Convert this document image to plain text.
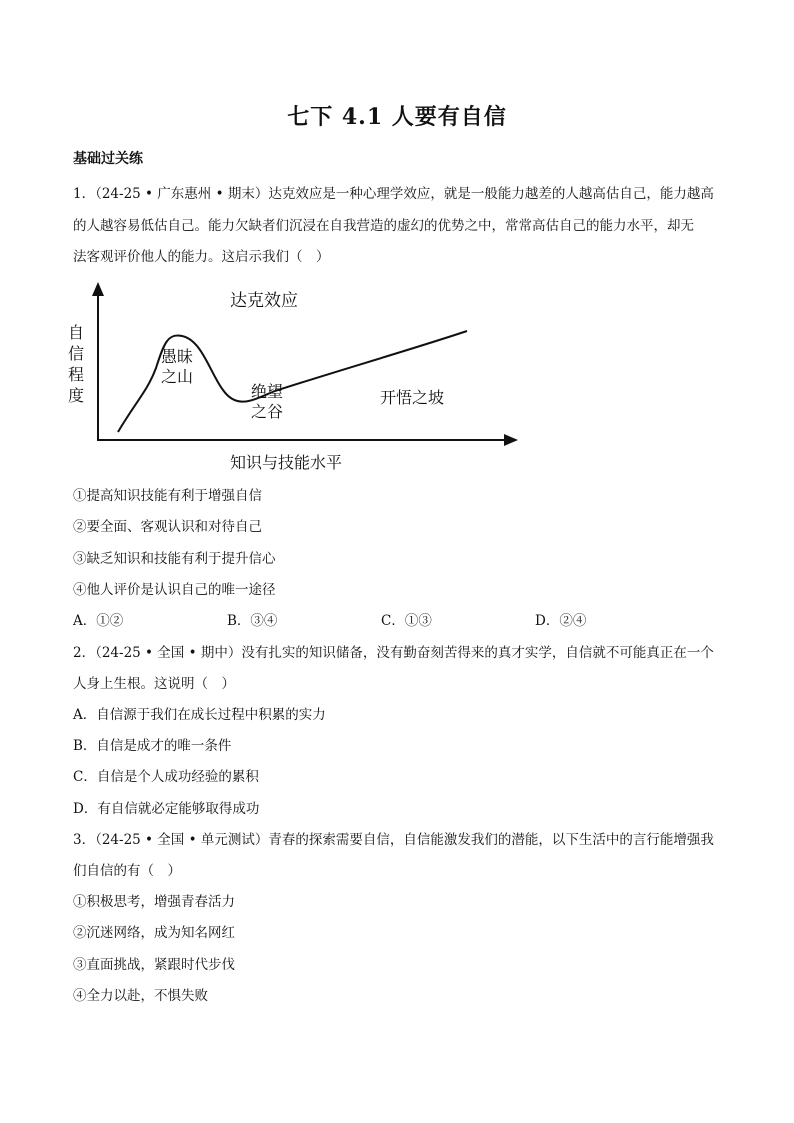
七下 4.1 人要有自信
基础过关练
1．（24-25 • 广东惠州 • 期末）达克效应是一种心理学效应，就是一般能力越差的人越高估自己，能力越高
的人越容易低估自己。能力欠缺者们沉浸在自我营造的虚幻的优势之中，常常高估自己的能力水平，却无
法客观评价他人的能力。这启示我们（　）
达克效应
自
信
程
度
愚昧
之山
绝望
之谷
开悟之坡
知识与技能水平
①提高知识技能有利于增强自信
②要全面、客观认识和对待自己
③缺乏知识和技能有利于提升信心
④他人评价是认识自己的唯一途径
A．①②	B．③④	C．①③	D．②④
2．（24-25 • 全国 • 期中）没有扎实的知识储备，没有勤奋刻苦得来的真才实学，自信就不可能真正在一个
人身上生根。这说明（　）
A．自信源于我们在成长过程中积累的实力
B．自信是成才的唯一条件
C．自信是个人成功经验的累积
D．有自信就必定能够取得成功
3．（24-25 • 全国 • 单元测试）青春的探索需要自信，自信能激发我们的潜能，以下生活中的言行能增强我
们自信的有（　）
①积极思考，增强青春活力
②沉迷网络，成为知名网红
③直面挑战，紧跟时代步伐
④全力以赴，不惧失败
